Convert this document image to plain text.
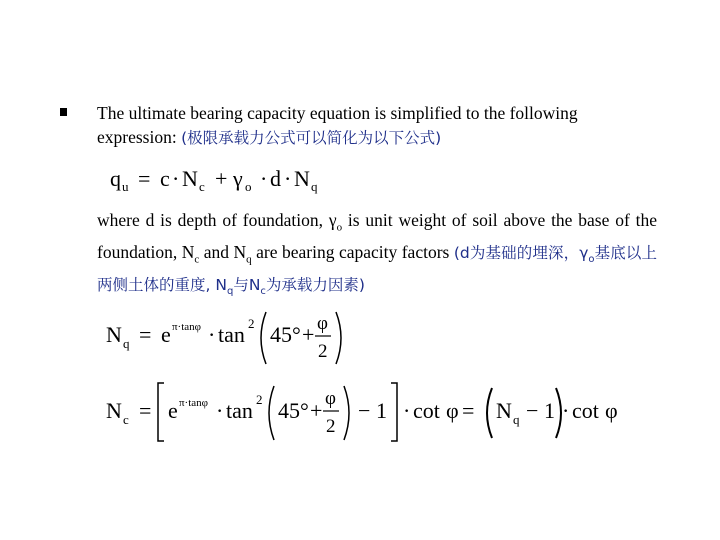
The ultimate bearing capacity equation is simplified to the following
expression: (极限承载力公式可以简化为以下公式)
q u = c · N c + γ o · d · N q
where d is depth of foundation, $\gamma_o$ is unit weight of soil above the base of the foundation, $N_c$ and $N_q$ are bearing capacity factors (d为基础的埋深，$\gamma_o$基底以上两侧土体的重度, $N_q$与$N_c$为承载力因素)
N q = e π·tanφ · tan 2 45° + φ
2
N c = e π·tanφ · tan 2 45° + φ
2
− 1 · cot φ = N q − 1 · cot φ
